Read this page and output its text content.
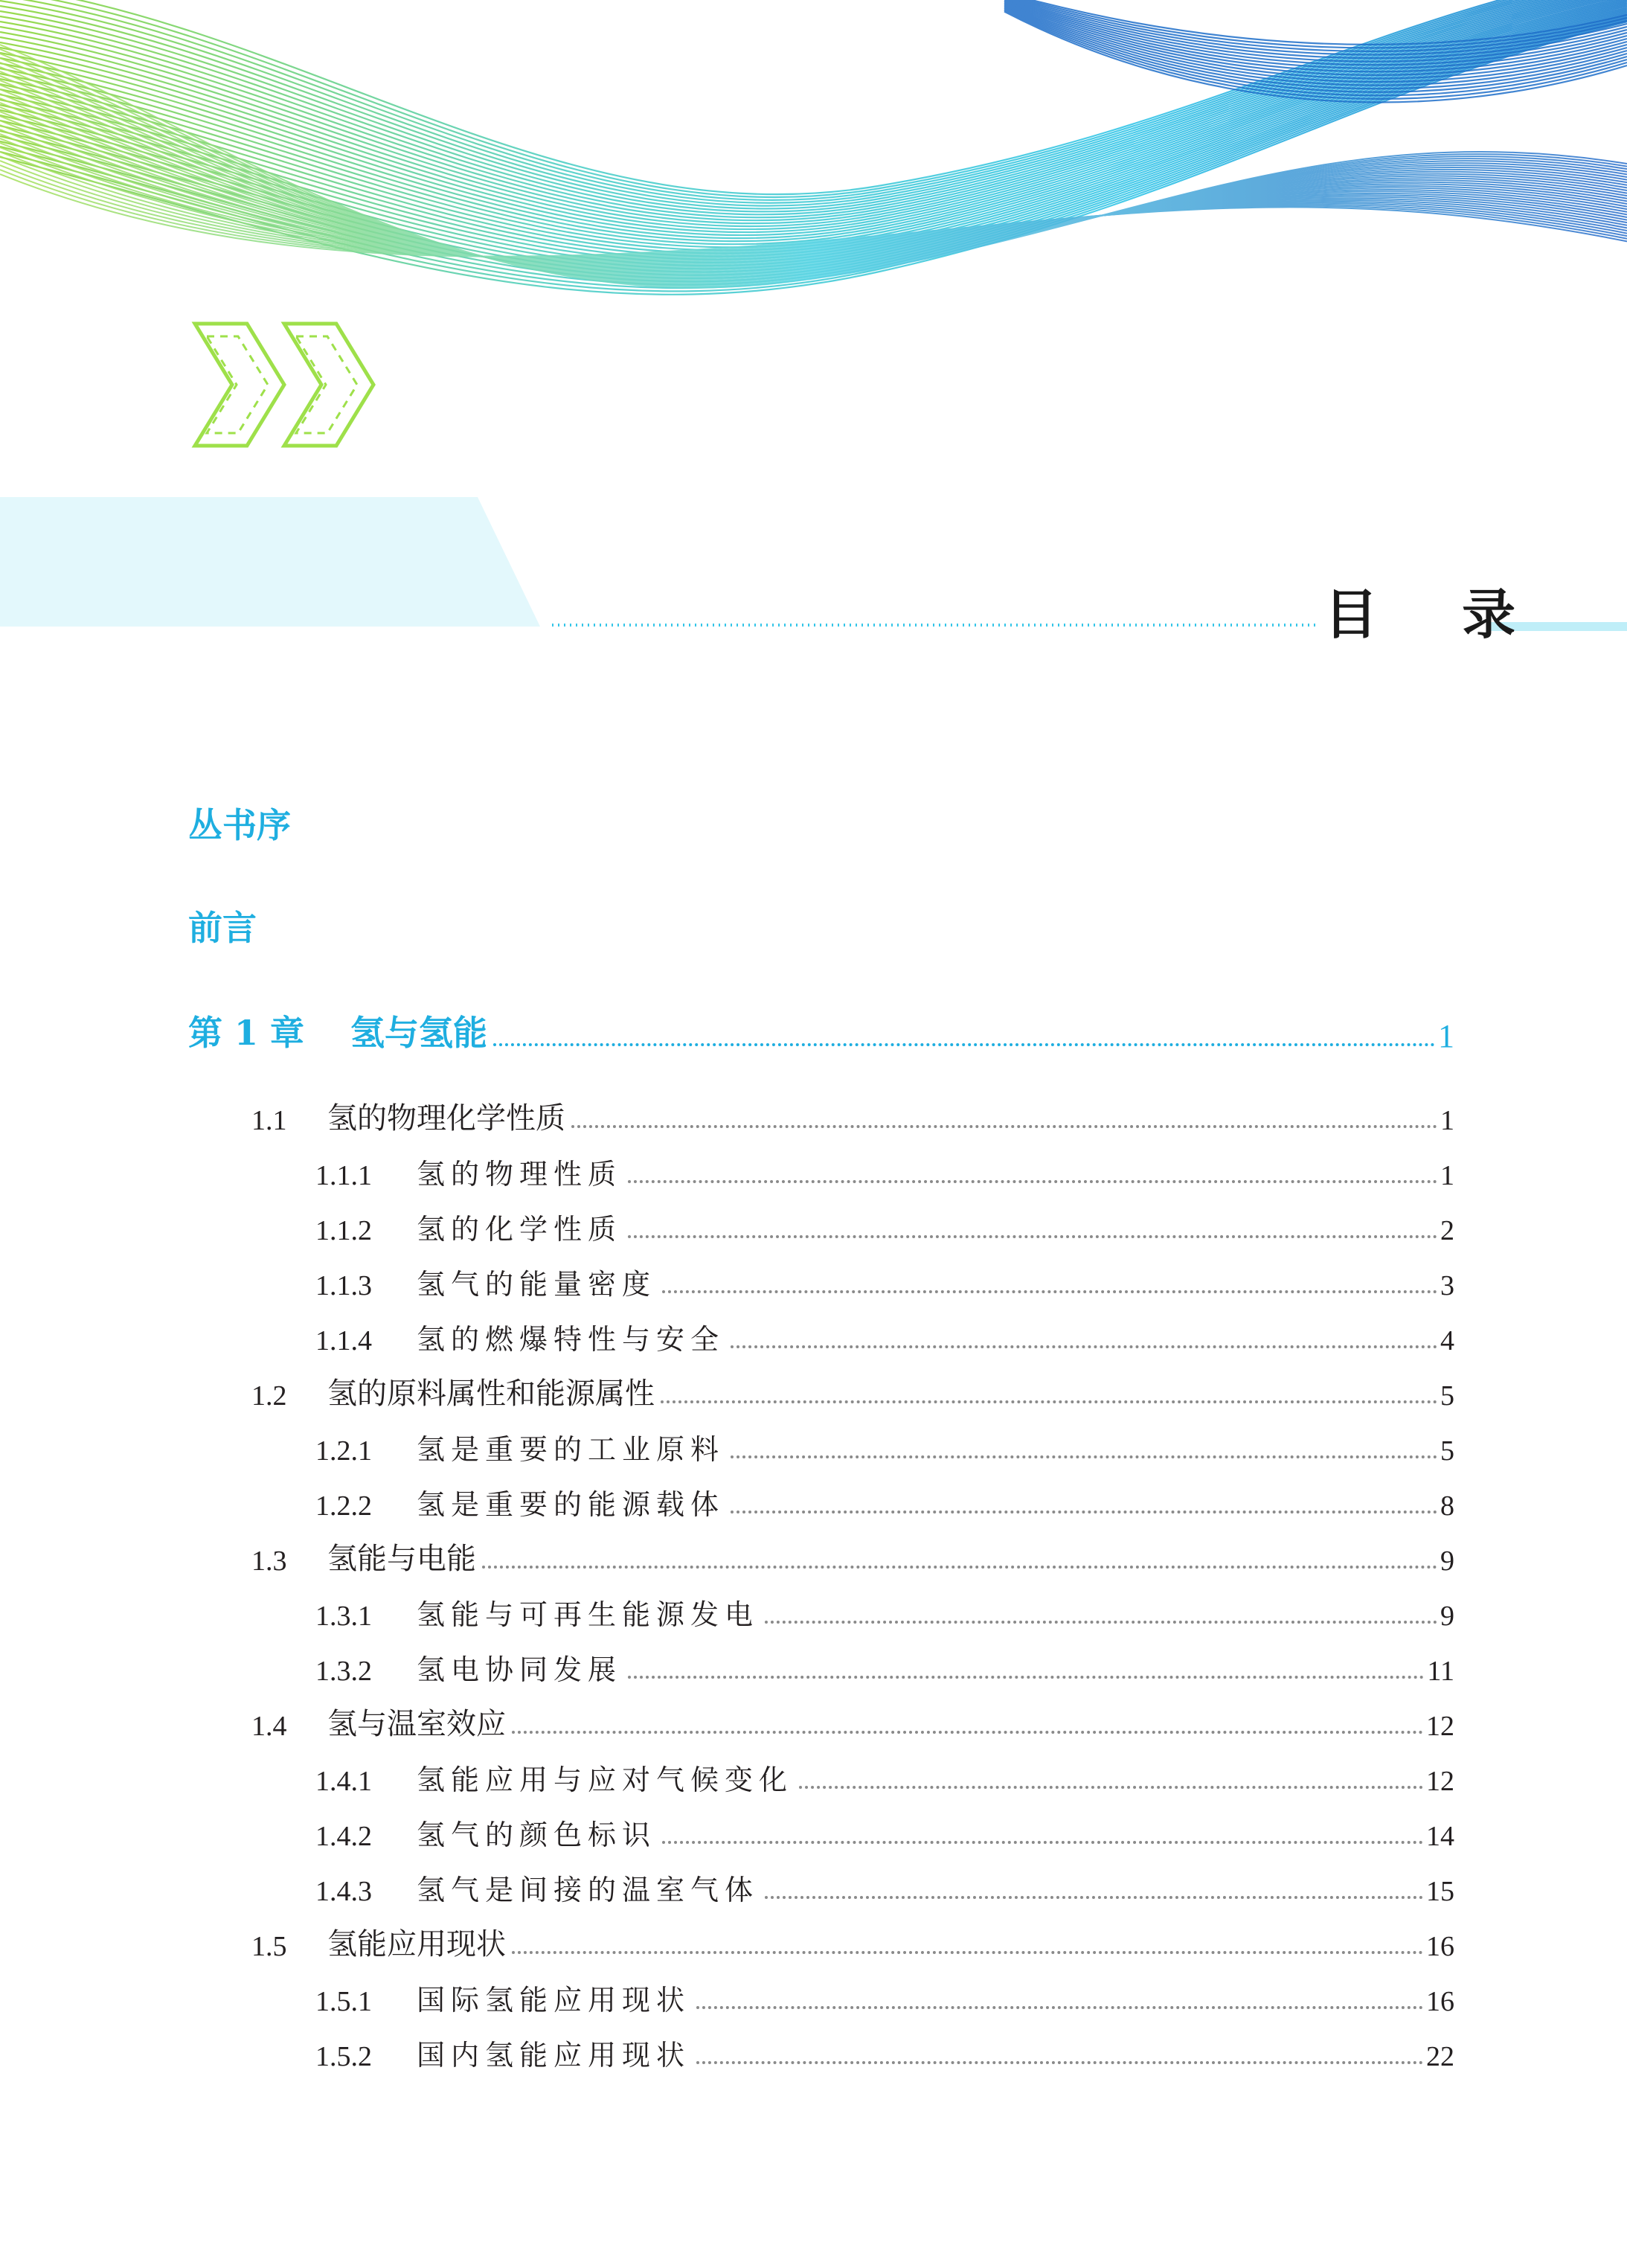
目 录
丛书序
前言
第 1 章	氢与氢能	1
1.1	氢的物理化学性质	1
1.1.1	氢的物理性质	1
1.1.2	氢的化学性质	2
1.1.3	氢气的能量密度	3
1.1.4	氢的燃爆特性与安全	4
1.2	氢的原料属性和能源属性	5
1.2.1	氢是重要的工业原料	5
1.2.2	氢是重要的能源载体	8
1.3	氢能与电能	9
1.3.1	氢能与可再生能源发电	9
1.3.2	氢电协同发展	11
1.4	氢与温室效应	12
1.4.1	氢能应用与应对气候变化	12
1.4.2	氢气的颜色标识	14
1.4.3	氢气是间接的温室气体	15
1.5	氢能应用现状	16
1.5.1	国际氢能应用现状	16
1.5.2	国内氢能应用现状	22
